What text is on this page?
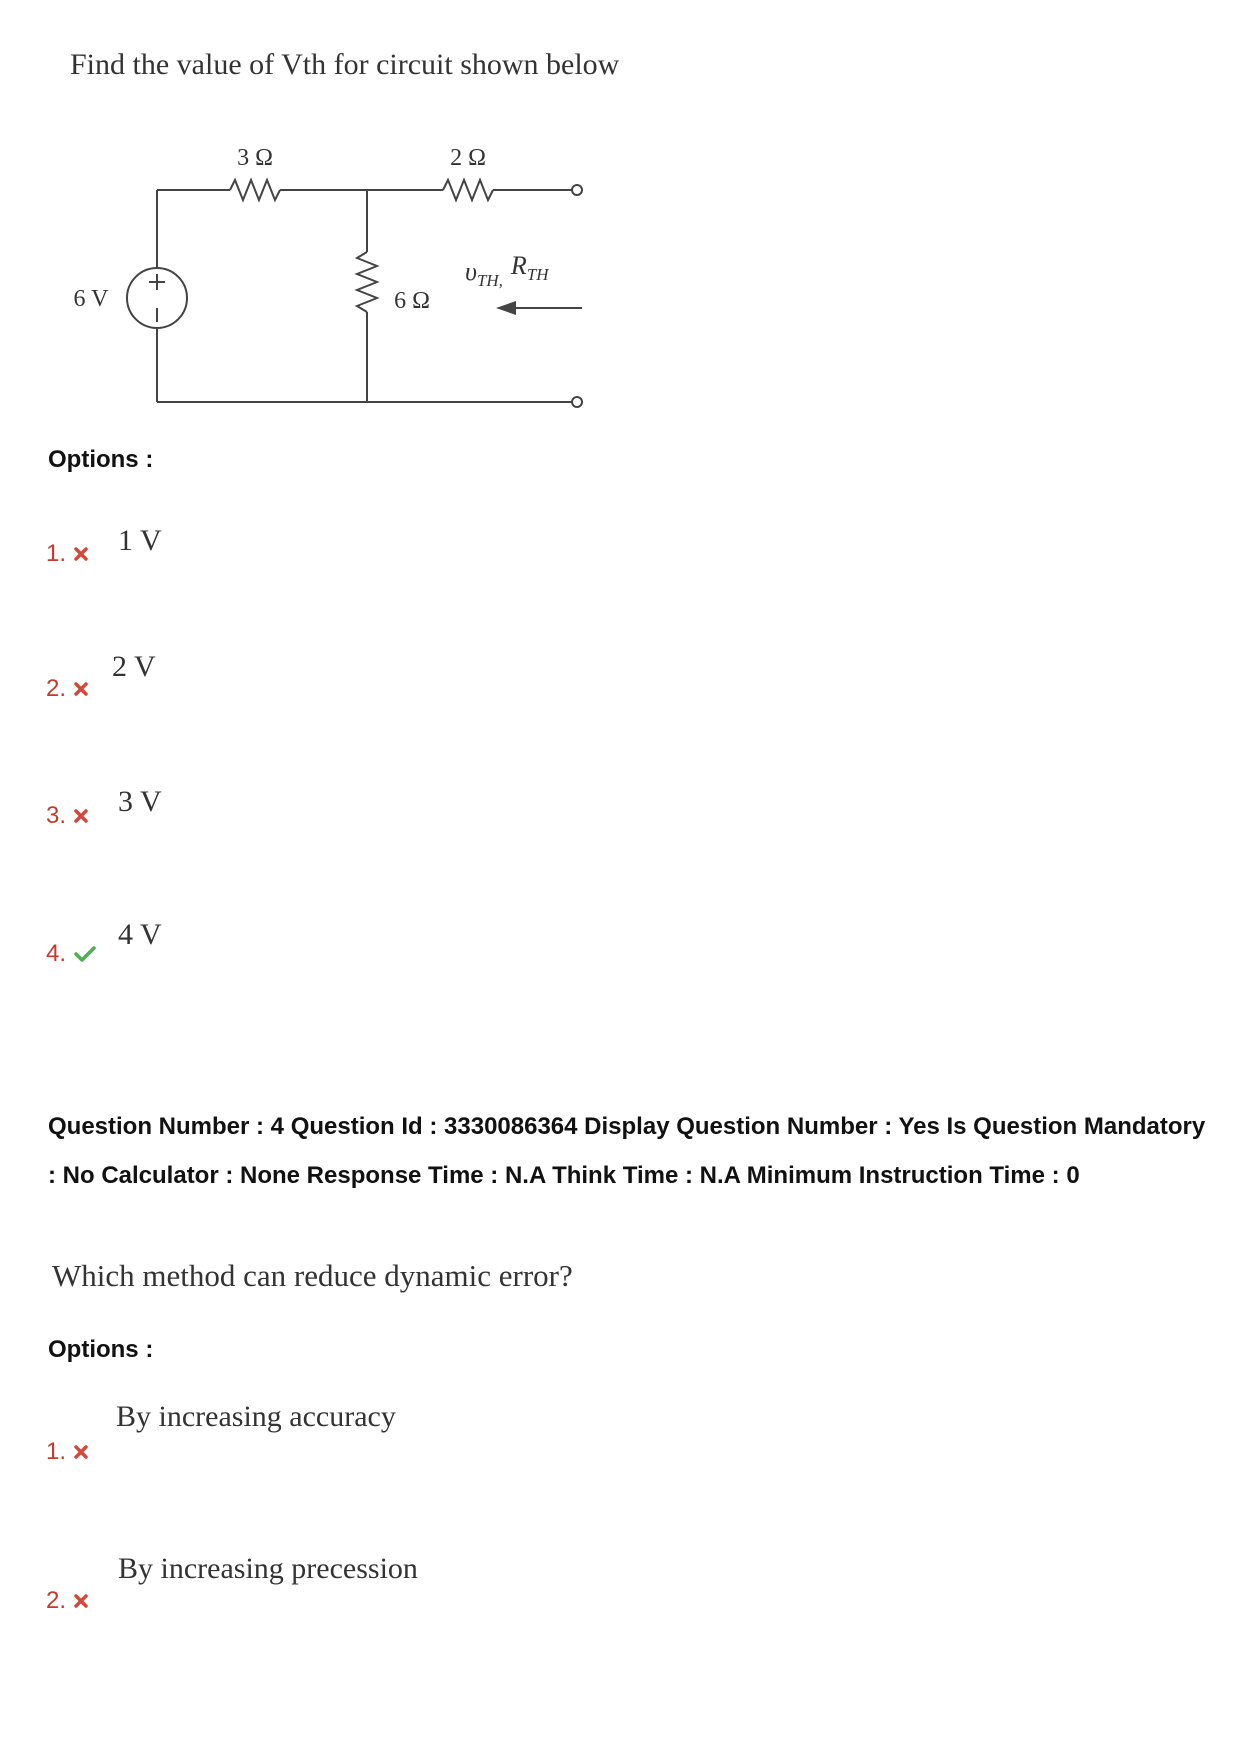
Find the value of Vth for circuit shown below
3 Ω	2 Ω
6 Ω
6 V
$\upsilon_{TH,}R_{TH}$
Options :
1.	1 V
2.
2 V
3.	3 V
4.
4 V
Question Number : 4 Question Id : 3330086364 Display Question Number : Yes Is Question Mandatory : No Calculator : None Response Time : N.A Think Time : N.A Minimum Instruction Time : 0
Which method can reduce dynamic error?
Options :
1.
By increasing accuracy
2.
By increasing precession
